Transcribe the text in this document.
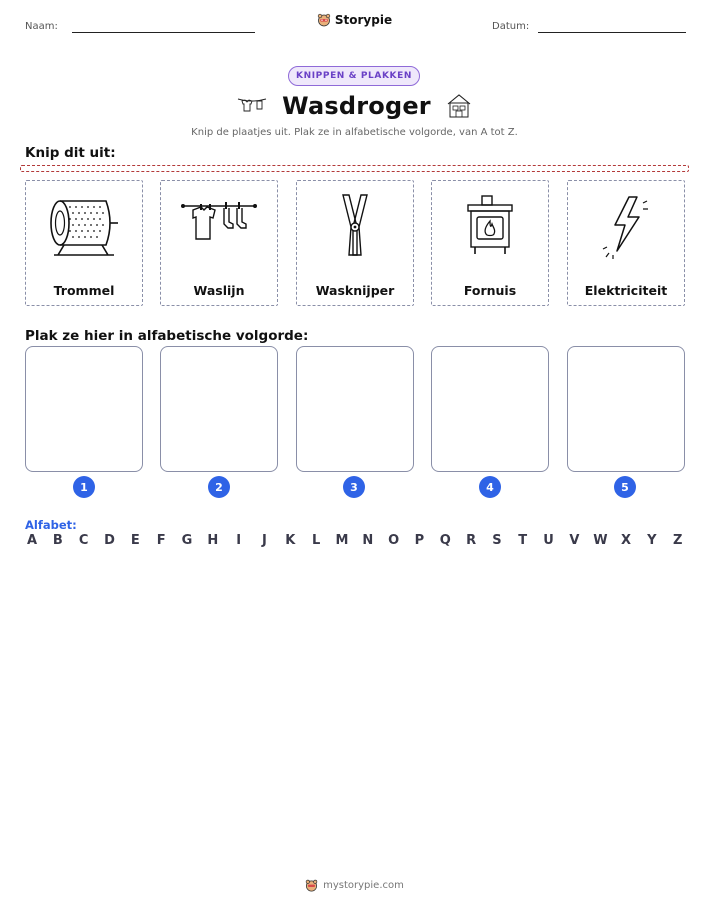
Naam:	Storypie	Datum:
KNIPPEN & PLAKKEN
Wasdroger
Knip de plaatjes uit. Plak ze in alfabetische volgorde, van A tot Z.
Knip dit uit:
Trommel	Waslijn	Wasknijper	Fornuis	Elektriciteit
Plak ze hier in alfabetische volgorde:
1	2	3	4	5
Alfabet:
A B C D E F G H	I	J	K L M N O P Q R S T U V W X Y Z
mystorypie.com
